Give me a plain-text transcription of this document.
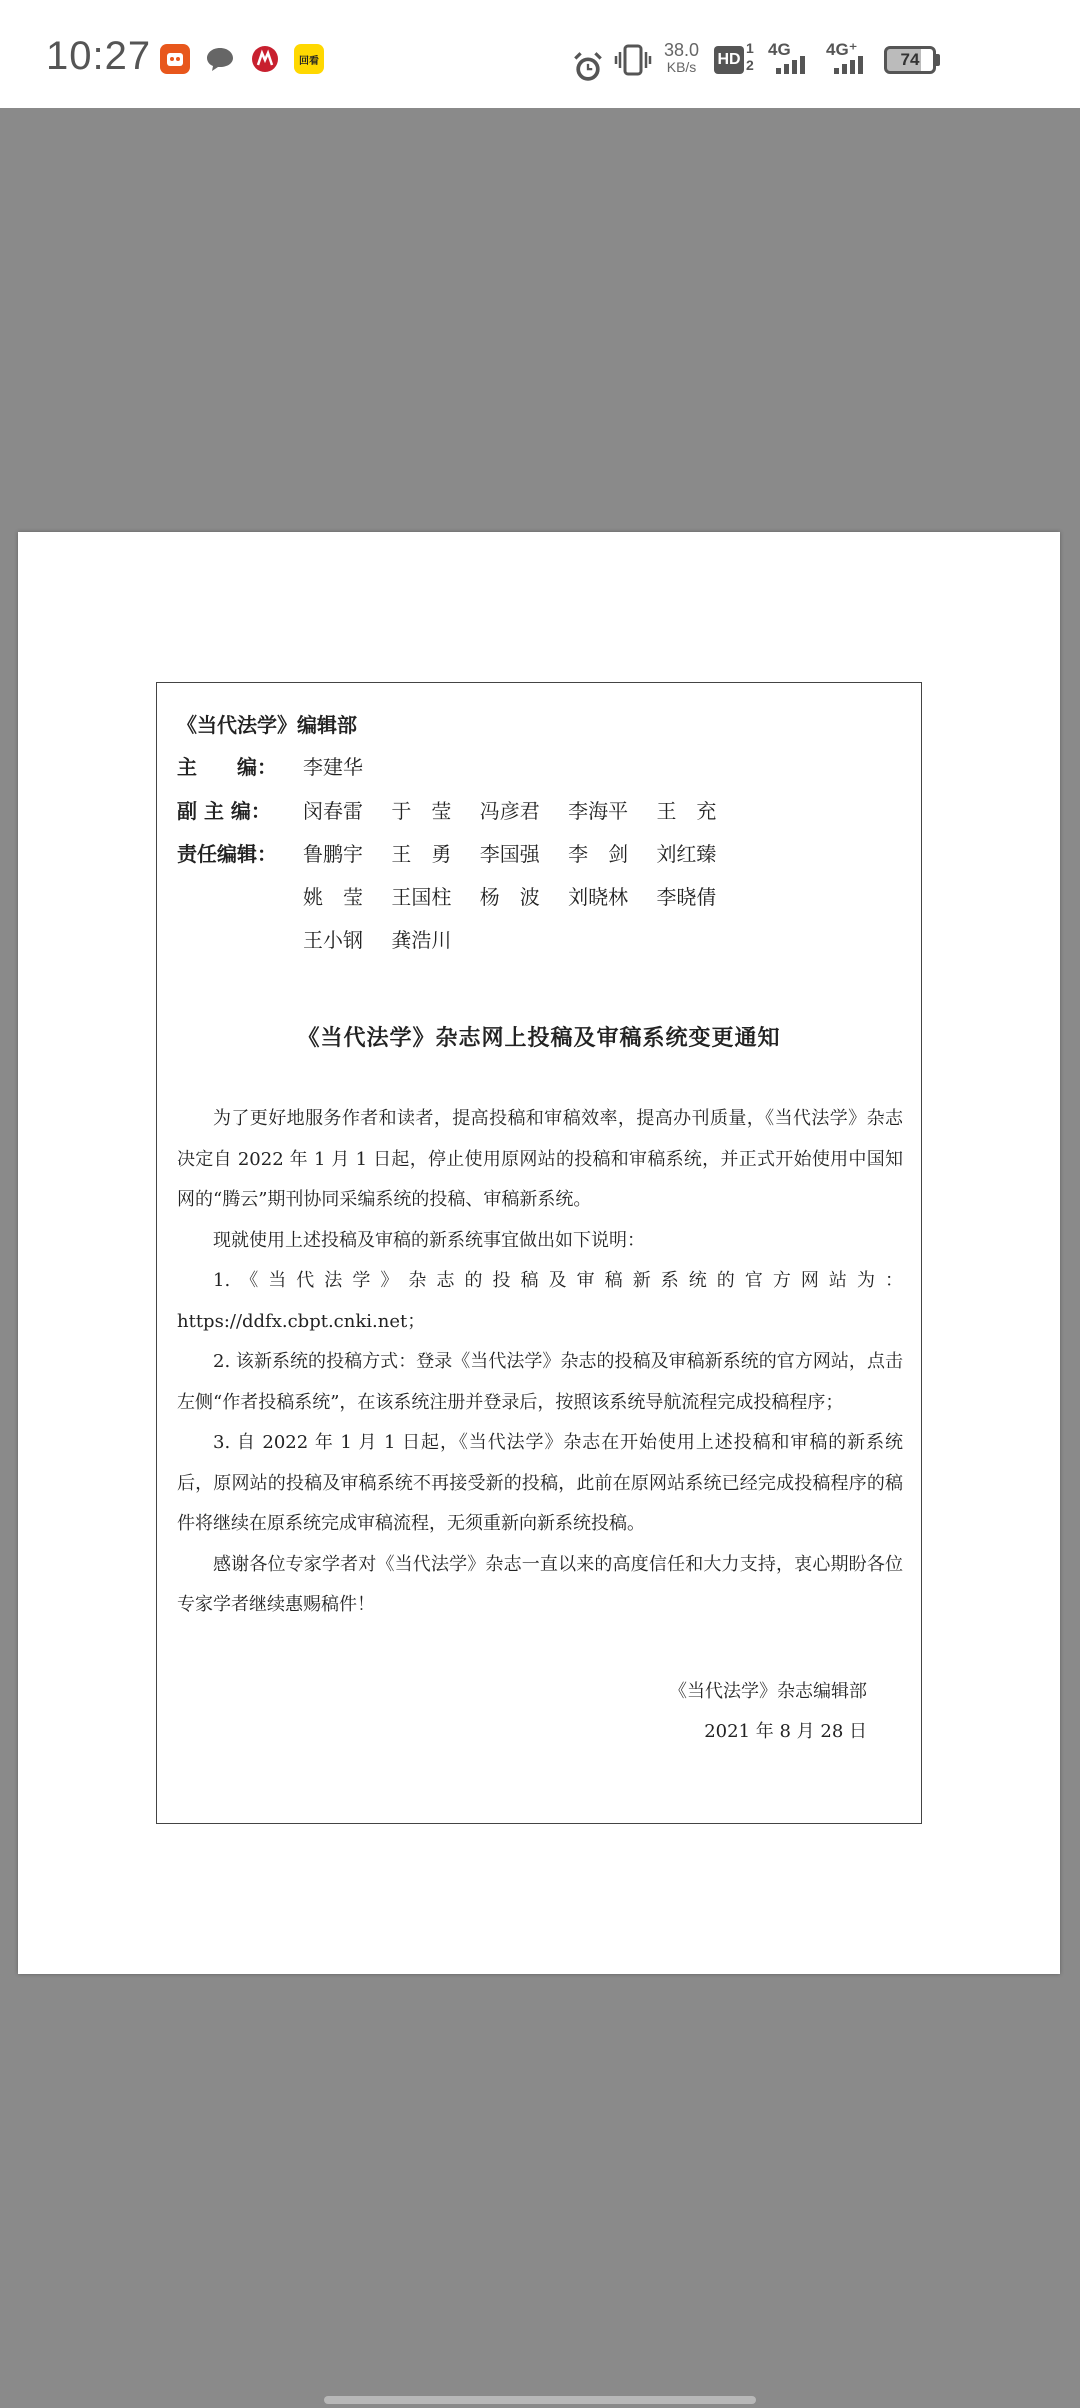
10:27	回看
38.0
KB/s HD
1
2
4G 4G⁺
74
《当代法学》编辑部
主　　编： 李建华
副 主 编： 闵春雷 于　莹 冯彦君 李海平 王　充
责任编辑： 鲁鹏宇 王　勇 李国强 李　剑 刘红臻
姚　莹 王国柱 杨　波 刘晓林 李晓倩
王小钢 龚浩川
《当代法学》杂志网上投稿及审稿系统变更通知

为了更好地服务作者和读者，提高投稿和审稿效率，提高办刊质量，《当代法学》杂志决定自 2022 年 1 月 1 日起，停止使用原网站的投稿和审稿系统，并正式开始使用中国知网的“腾云”期刊协同采编系统的投稿、审稿新系统。

现就使用上述投稿及审稿的新系统事宜做出如下说明：

1.《当代法学》杂志的投稿及审稿新系统的官方网站为：https://ddfx.cbpt.cnki.net；

2. 该新系统的投稿方式：登录《当代法学》杂志的投稿及审稿新系统的官方网站，点击左侧“作者投稿系统”，在该系统注册并登录后，按照该系统导航流程完成投稿程序；

3. 自 2022 年 1 月 1 日起，《当代法学》杂志在开始使用上述投稿和审稿的新系统后，原网站的投稿及审稿系统不再接受新的投稿，此前在原网站系统已经完成投稿程序的稿件将继续在原系统完成审稿流程，无须重新向新系统投稿。

感谢各位专家学者对《当代法学》杂志一直以来的高度信任和大力支持，衷心期盼各位专家学者继续惠赐稿件！

《当代法学》杂志编辑部
2021 年 8 月 28 日
